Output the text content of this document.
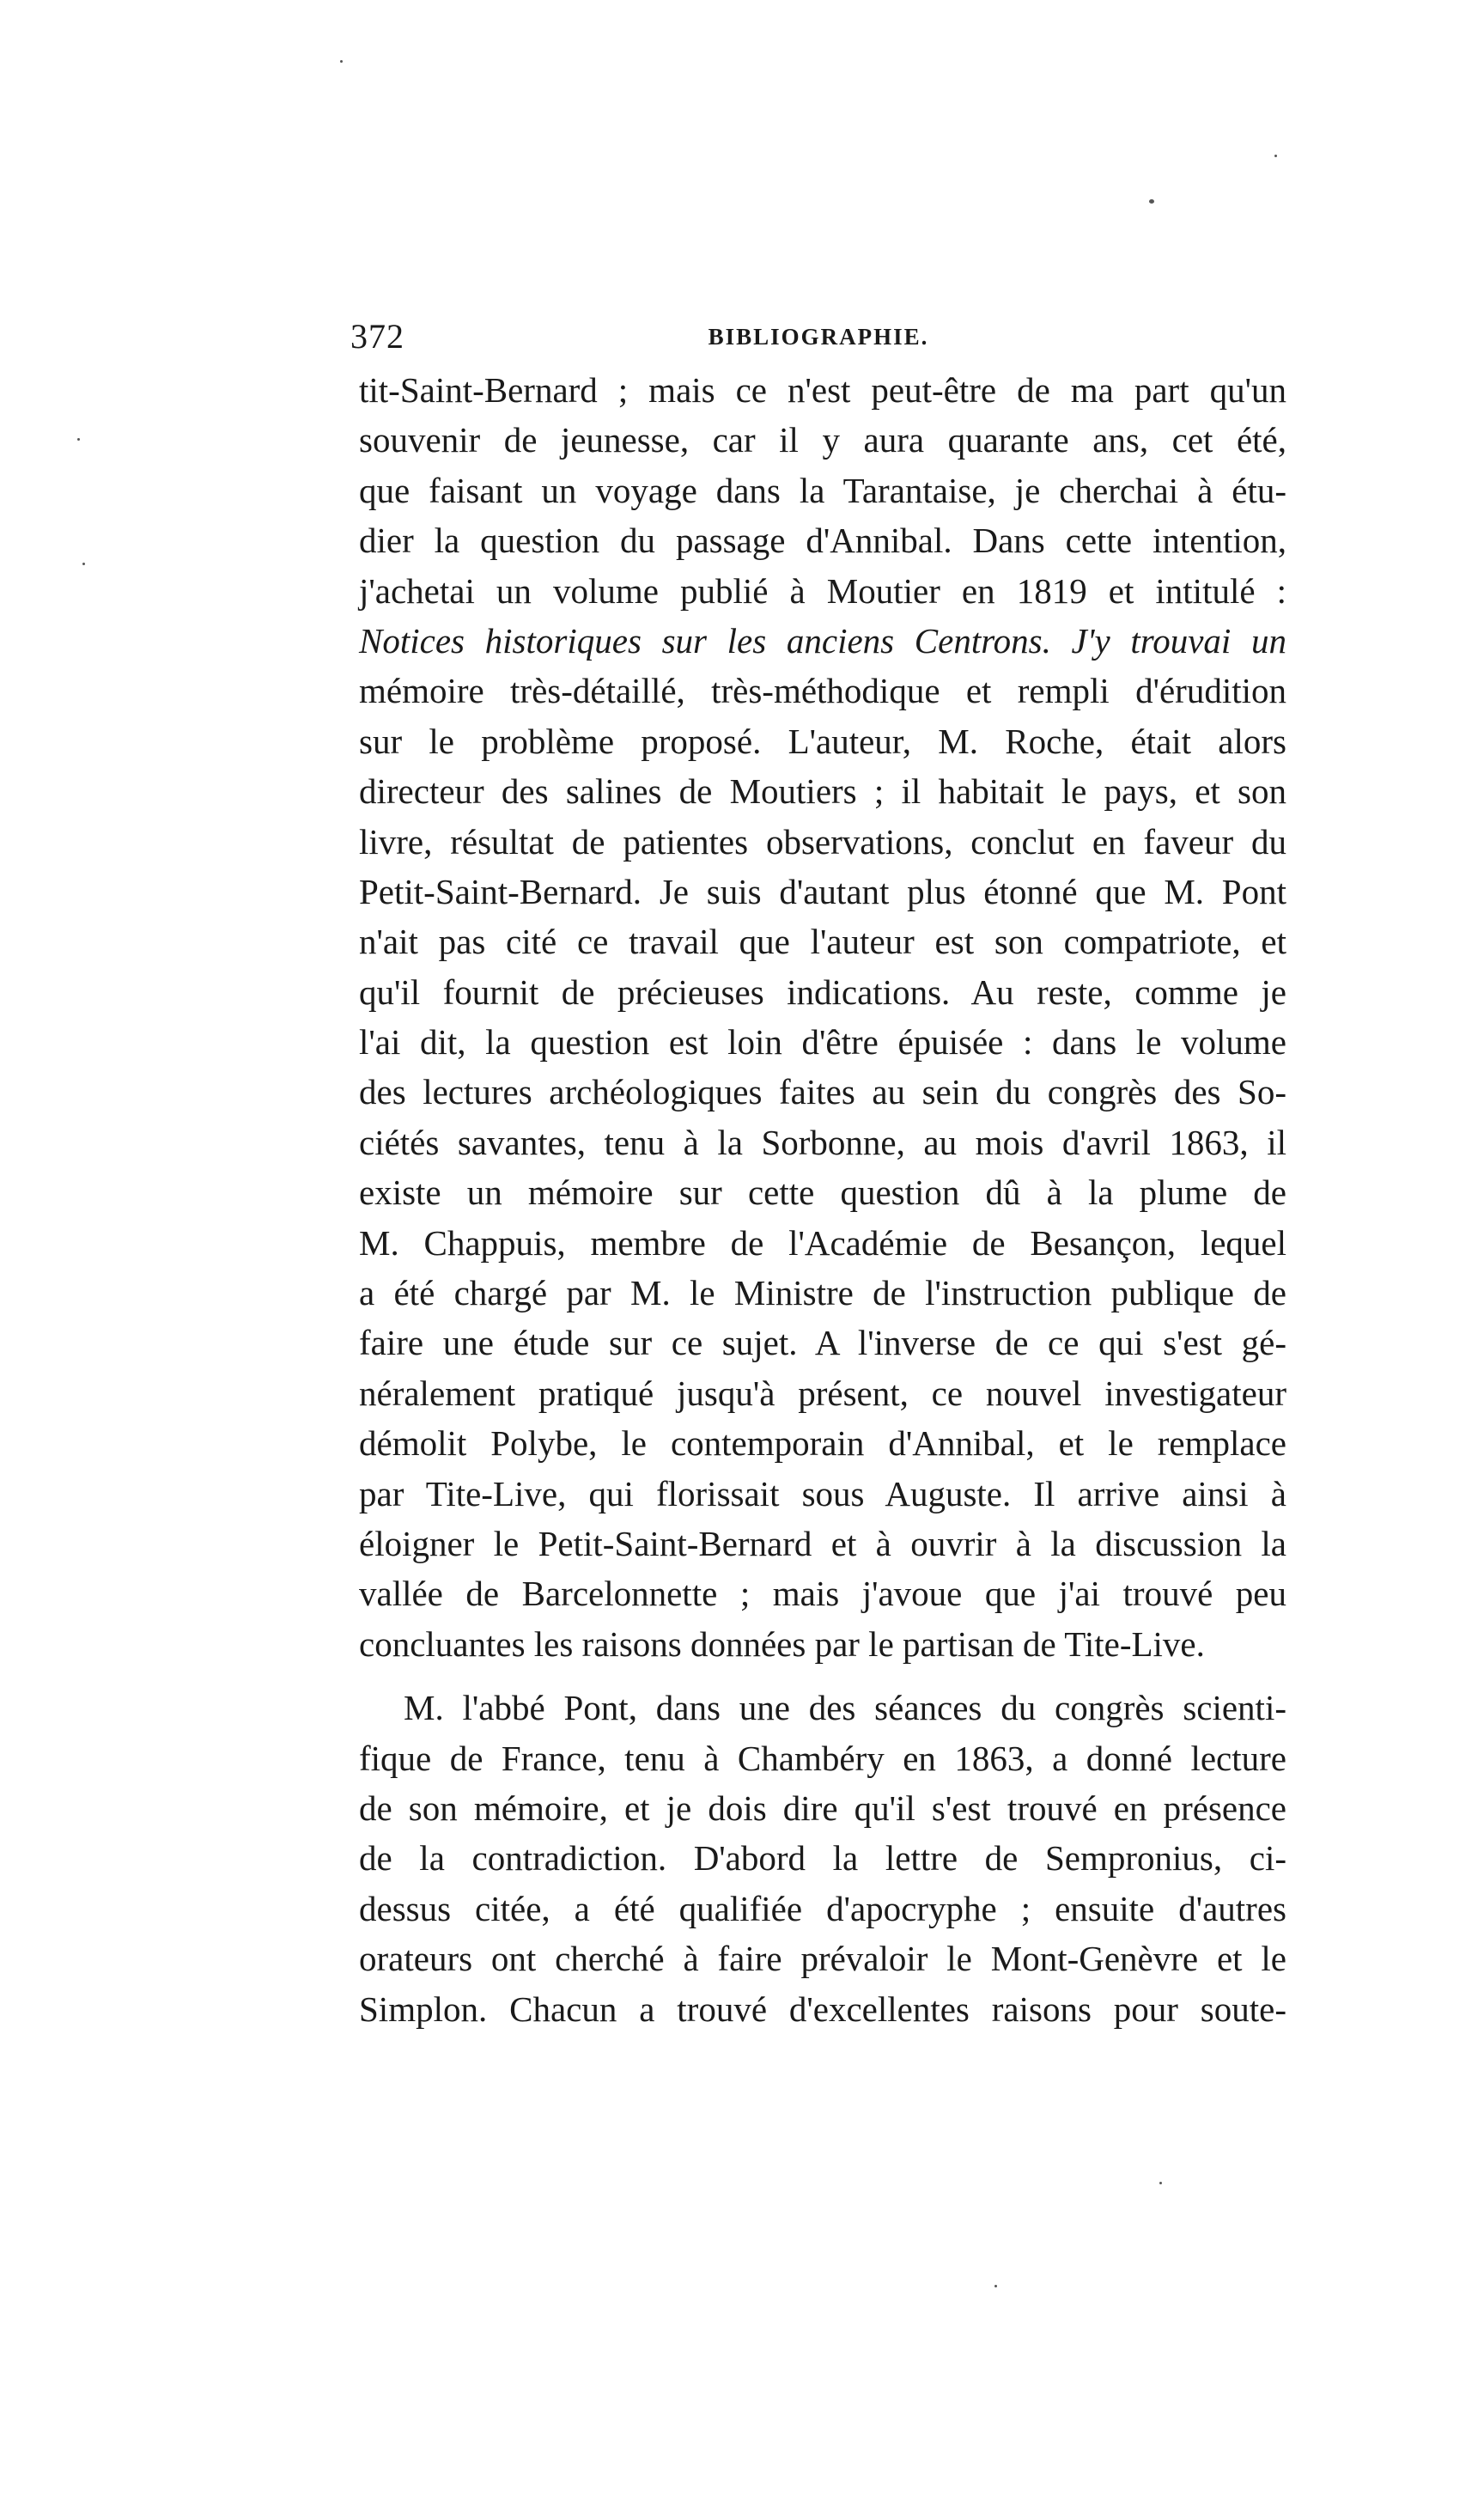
372	BIBLIOGRAPHIE.
tit-Saint-Bernard ; mais ce n'est peut-être de ma part qu'un
souvenir de jeunesse, car il y aura quarante ans, cet été,
que faisant un voyage dans la Tarantaise, je cherchai à étu-
dier la question du passage d'Annibal. Dans cette intention,
j'achetai un volume publié à Moutier en 1819 et intitulé :
Notices historiques sur les anciens Centrons. J'y trouvai un
mémoire très-détaillé, très-méthodique et rempli d'érudition
sur le problème proposé. L'auteur, M. Roche, était alors
directeur des salines de Moutiers ; il habitait le pays, et son
livre, résultat de patientes observations, conclut en faveur du
Petit-Saint-Bernard. Je suis d'autant plus étonné que M. Pont
n'ait pas cité ce travail que l'auteur est son compatriote, et
qu'il fournit de précieuses indications. Au reste, comme je
l'ai dit, la question est loin d'être épuisée : dans le volume
des lectures archéologiques faites au sein du congrès des So-
ciétés savantes, tenu à la Sorbonne, au mois d'avril 1863, il
existe un mémoire sur cette question dû à la plume de
M. Chappuis, membre de l'Académie de Besançon, lequel
a été chargé par M. le Ministre de l'instruction publique de
faire une étude sur ce sujet. A l'inverse de ce qui s'est gé-
néralement pratiqué jusqu'à présent, ce nouvel investigateur
démolit Polybe, le contemporain d'Annibal, et le remplace
par Tite-Live, qui florissait sous Auguste. Il arrive ainsi à
éloigner le Petit-Saint-Bernard et à ouvrir à la discussion la
vallée de Barcelonnette ; mais j'avoue que j'ai trouvé peu
concluantes les raisons données par le partisan de Tite-Live.
M. l'abbé Pont, dans une des séances du congrès scienti-
fique de France, tenu à Chambéry en 1863, a donné lecture
de son mémoire, et je dois dire qu'il s'est trouvé en présence
de la contradiction. D'abord la lettre de Sempronius, ci-
dessus citée, a été qualifiée d'apocryphe ; ensuite d'autres
orateurs ont cherché à faire prévaloir le Mont-Genèvre et le
Simplon. Chacun a trouvé d'excellentes raisons pour soute-
